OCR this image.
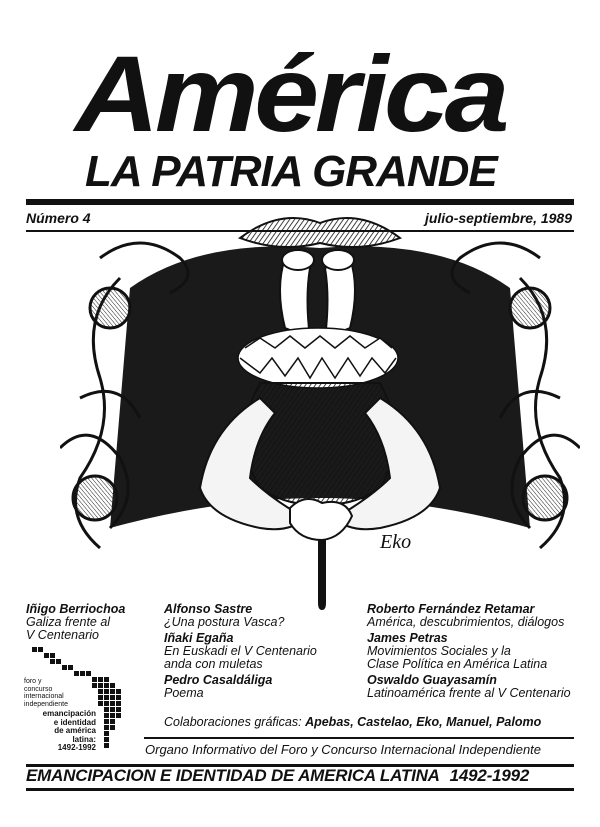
América
LA PATRIA GRANDE
Número 4	julio-septiembre, 1989
Eko
Iñigo Berriochoa
Galiza frente al
V Centenario
Alfonso Sastre
¿Una postura Vasca?
Iñaki Egaña
En Euskadi el V Centenario
anda con muletas
Pedro Casaldáliga
Poema
Roberto Fernández Retamar
América, descubrimientos, diálogos
James Petras
Movimientos Sociales y la
Clase Política en América Latina
Oswaldo Guayasamín
Latinoamérica frente al V Centenario
foro y
concurso
internacional
independiente
emancipación
e identidad
de américa
latina:
1492-1992
Colaboraciones gráficas: Apebas, Castelao, Eko, Manuel, Palomo
Organo Informativo del Foro y Concurso Internacional Independiente
EMANCIPACION E IDENTIDAD DE AMERICA LATINA 1492-1992
